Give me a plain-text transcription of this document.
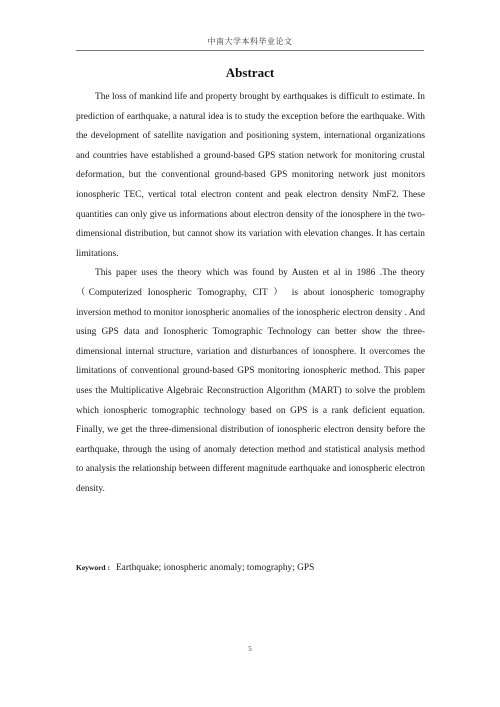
中南大学本科毕业论文
Abstract

The loss of mankind life and property brought by earthquakes is difficult to estimate. In prediction of earthquake, a natural idea is to study the exception before the earthquake. With the development of satellite navigation and positioning system, international organizations and countries have established a ground-based GPS station network for monitoring crustal deformation, but the conventional ground-based GPS monitoring network just monitors ionospheric TEC, vertical total electron content and peak electron density NmF2. These quantities can only give us informations about electron density of the ionosphere in the two-dimensional distribution, but cannot show its variation with elevation changes. It has certain limitations.

This paper uses the theory which was found by Austen et al in 1986 .The theory （Computerized Ionospheric Tomography, CIT ） is about ionospheric tomography inversion method to monitor ionospheric anomalies of the ionospheric electron density . And using GPS data and Ionospheric Tomographic Technology can better show the three-dimensional internal structure, variation and disturbances of ionosphere. It overcomes the limitations of conventional ground-based GPS monitoring ionospheric method. This paper uses the Multiplicative Algebraic Reconstruction Algorithm (MART) to solve the problem which ionospheric tomographic technology based on GPS is a rank deficient equation. Finally, we get the three-dimensional distribution of ionospheric electron density before the earthquake, through the using of anomaly detection method and statistical analysis method to analysis the relationship between different magnitude earthquake and ionospheric electron density.

Keyword : Earthquake; ionospheric anomaly; tomography; GPS
5
